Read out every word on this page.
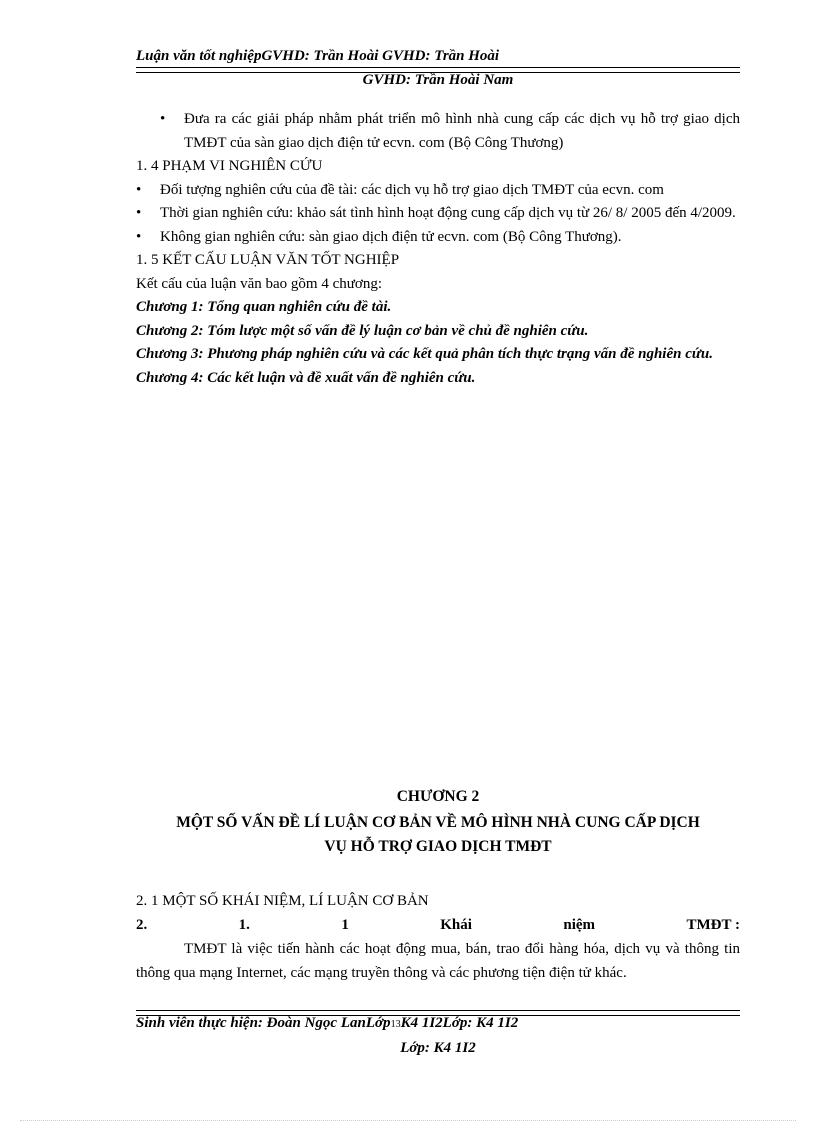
Luận văn tốt nghiệpGVHD: Trần Hoài GVHD: Trần Hoài
GVHD: Trần Hoài Nam

• Đưa ra các giải pháp nhằm phát triển mô hình nhà cung cấp các dịch vụ hỗ trợ giao dịch TMĐT của sàn giao dịch điện tử ecvn. com (Bộ Công Thương)

1. 4 PHẠM VI NGHIÊN CỨU

• Đối tượng nghiên cứu của đề tài: các dịch vụ hỗ trợ giao dịch TMĐT của ecvn. com

• Thời gian nghiên cứu: khảo sát tình hình hoạt động cung cấp dịch vụ từ 26/ 8/ 2005 đến 4/2009.

• Không gian nghiên cứu: sàn giao dịch điện tử ecvn. com (Bộ Công Thương).

1. 5 KẾT CẤU LUẬN VĂN TỐT NGHIỆP

Kết cấu của luận văn bao gồm 4 chương:

Chương 1: Tổng quan nghiên cứu đề tài.

Chương 2: Tóm lược một số vấn đề lý luận cơ bản về chủ đề nghiên cứu.

Chương 3: Phương pháp nghiên cứu và các kết quả phân tích thực trạng vấn đề nghiên cứu.

Chương 4: Các kết luận và đề xuất vấn đề nghiên cứu.

CHƯƠNG 2
MỘT SỐ VẤN ĐỀ LÍ LUẬN CƠ BẢN VỀ MÔ HÌNH NHÀ CUNG CẤP DỊCH
VỤ HỖ TRỢ GIAO DỊCH TMĐT
2. 1 MỘT SỐ KHÁI NIỆM, LÍ LUẬN CƠ BẢN
2.	1.	1	Khái	niệm	TMĐT :
TMĐT là việc tiến hành các hoạt động mua, bán, trao đổi hàng hóa, dịch vụ và thông tin thông qua mạng Internet, các mạng truyền thông và các phương tiện điện tử khác.
Sinh viên thực hiện: Đoàn Ngọc LanLớp13K4 1I2Lớp: K4 1I2
Lớp: K4 1I2
